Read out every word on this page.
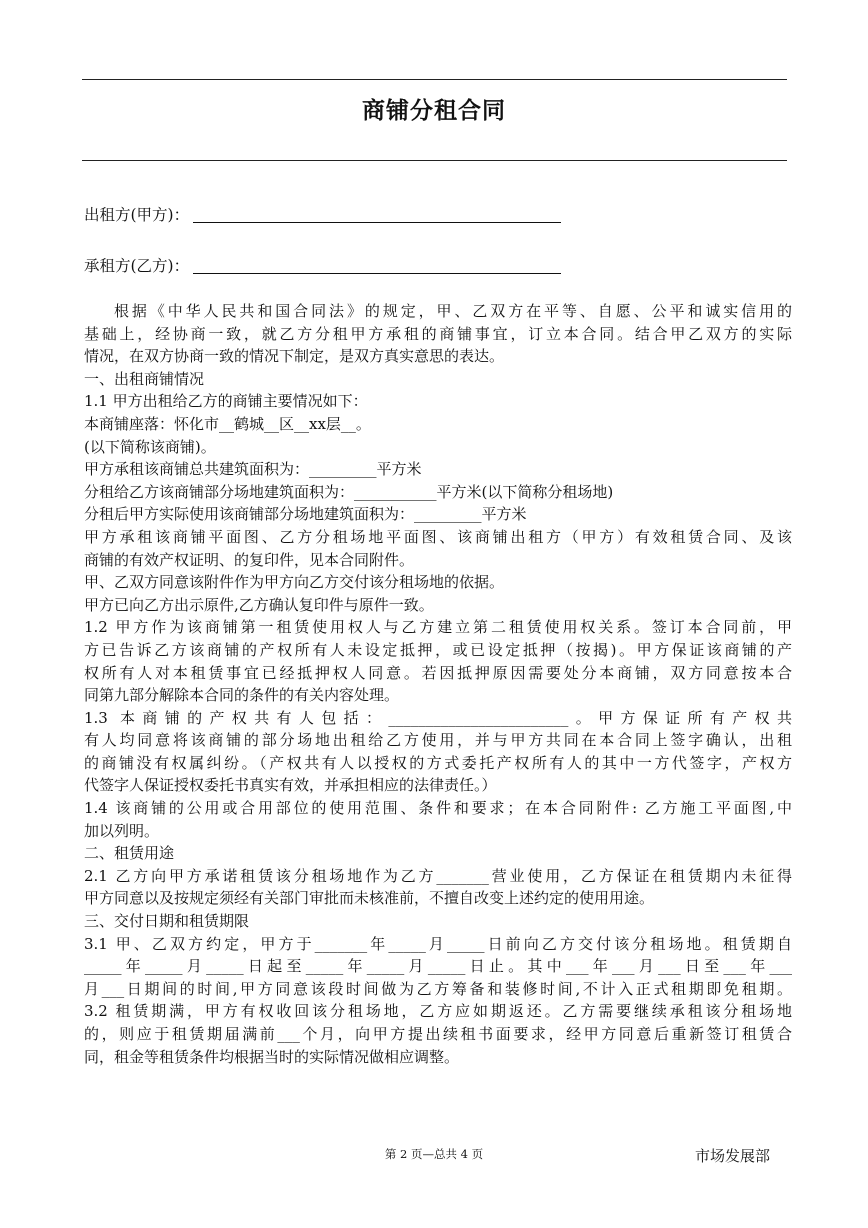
商铺分租合同
出租方(甲方)：
承租方(乙方)：

根据《中华人民共和国合同法》的规定，甲、乙双方在平等、自愿、公平和诚实信用的

基础上，经协商一致，就乙方分租甲方承租的商铺事宜，订立本合同。结合甲乙双方的实际

情况，在双方协商一致的情况下制定，是双方真实意思的表达。

一、出租商铺情况

1.1 甲方出租给乙方的商铺主要情况如下：

本商铺座落：怀化市__鹤城__区__xx层__。

(以下简称该商铺)。

甲方承租该商铺总共建筑面积为：_________平方米

分租给乙方该商铺部分场地建筑面积为：___________平方米(以下简称分租场地)

分租后甲方实际使用该商铺部分场地建筑面积为：_________平方米

甲方承租该商铺平面图、乙方分租场地平面图、该商铺出租方（甲方）有效租赁合同、及该

商铺的有效产权证明、的复印件，见本合同附件。

甲、乙双方同意该附件作为甲方向乙方交付该分租场地的依据。

甲方已向乙方出示原件,乙方确认复印件与原件一致。

1.2 甲方作为该商铺第一租赁使用权人与乙方建立第二租赁使用权关系。签订本合同前，甲

方已告诉乙方该商铺的产权所有人未设定抵押，或已设定抵押（按揭)。甲方保证该商铺的产

权所有人对本租赁事宜已经抵押权人同意。若因抵押原因需要处分本商铺，双方同意按本合

同第九部分解除本合同的条件的有关内容处理。

1.3 本商铺的产权共有人包括：________________________。甲方保证所有产权共

有人均同意将该商铺的部分场地出租给乙方使用，并与甲方共同在本合同上签字确认，出租

的商铺没有权属纠纷。（产权共有人以授权的方式委托产权所有人的其中一方代签字，产权方

代签字人保证授权委托书真实有效，并承担相应的法律责任。）

1.4 该商铺的公用或合用部位的使用范围、条件和要求；在本合同附件: 乙方施工平面图,中

加以列明。

二、租赁用途

2.1 乙方向甲方承诺租赁该分租场地作为乙方_______营业使用，乙方保证在租赁期内未征得

甲方同意以及按规定须经有关部门审批而未核准前，不擅自改变上述约定的使用用途。

三、交付日期和租赁期限

3.1 甲、乙双方约定，甲方于_______年_____月_____日前向乙方交付该分租场地。租赁期自

_____年_____月_____日起至_____年_____月_____日止。其中___年___月___日至___年___

月___日期间的时间,甲方同意该段时间做为乙方筹备和装修时间,不计入正式租期即免租期。

3.2 租赁期满，甲方有权收回该分租场地，乙方应如期返还。乙方需要继续承租该分租场地

的，则应于租赁期届满前___个月，向甲方提出续租书面要求，经甲方同意后重新签订租赁合

同，租金等租赁条件均根据当时的实际情况做相应调整。

第 2 页—总共 4 页	市场发展部
